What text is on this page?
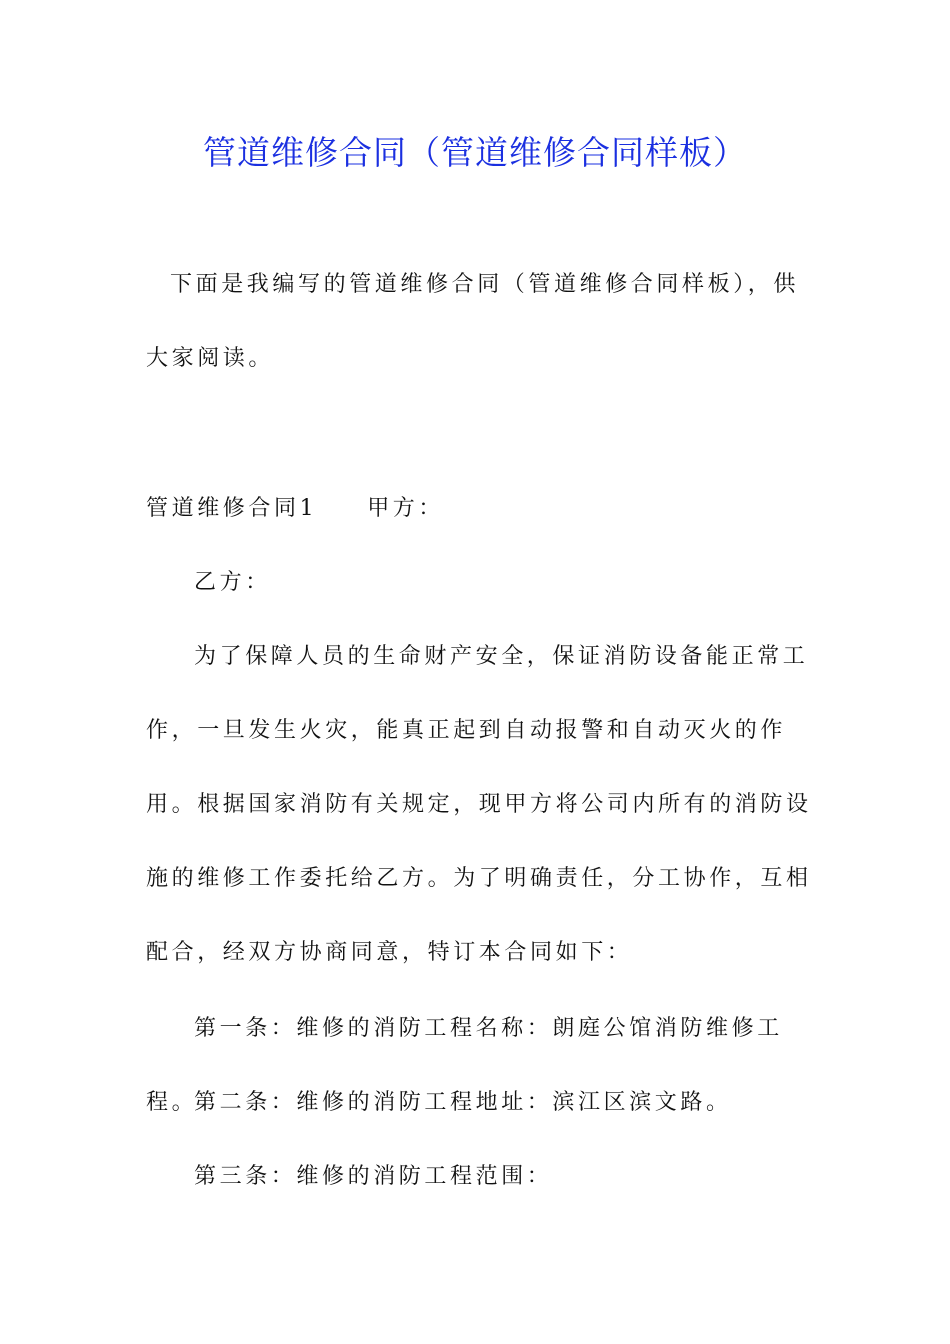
管道维修合同（管道维修合同样板）

下面是我编写的管道维修合同（管道维修合同样板），供大家阅读。

管道维修合同1 甲方：

乙方：

为了保障人员的生命财产安全，保证消防设备能正常工作，一旦发生火灾，能真正起到自动报警和自动灭火的作用。根据国家消防有关规定，现甲方将公司内所有的消防设施的维修工作委托给乙方。为了明确责任，分工协作，互相配合，经双方协商同意，特订本合同如下：

第一条：维修的消防工程名称：朗庭公馆消防维修工程。

第二条：维修的消防工程地址：滨江区滨文路。

第三条：维修的消防工程范围：
